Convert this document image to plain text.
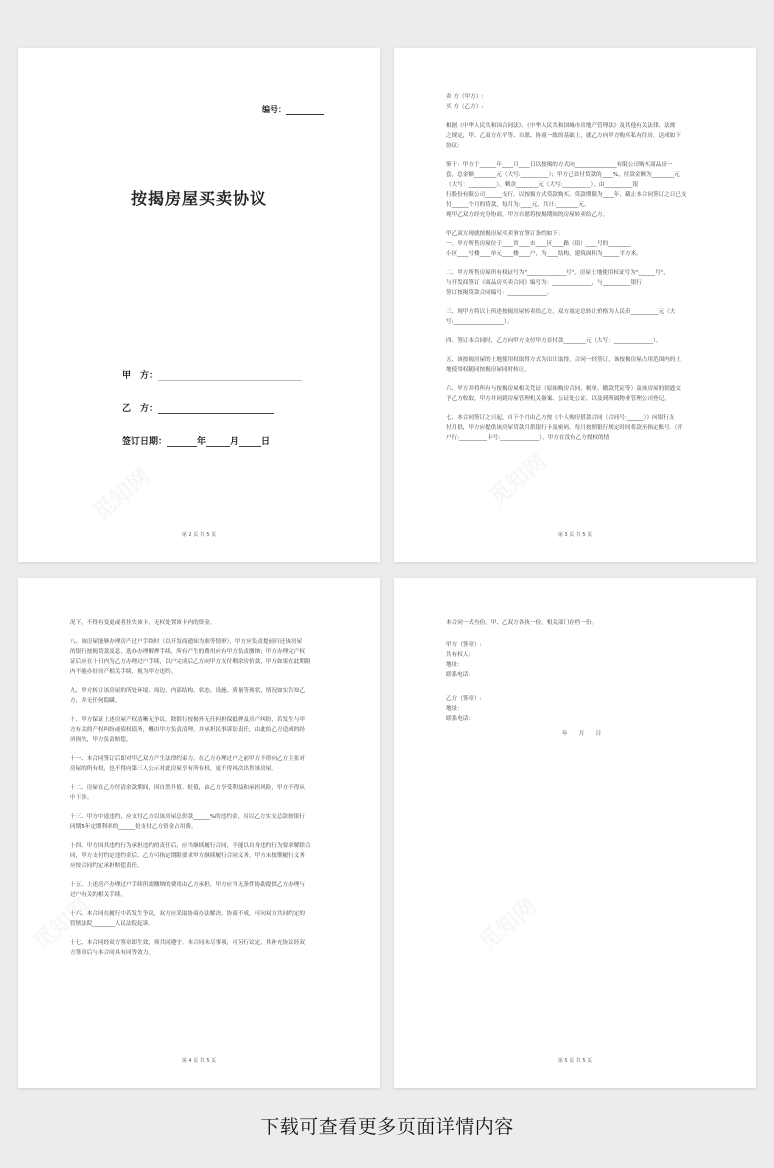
编号：
按揭房屋买卖协议
甲　方：
乙　方：
签订日期：	年	月 日
第 2 页 共 5 页
卖 方（甲方）:
买 方（乙方）:
根据《中华人民共和国合同法》、《中华人民共和国城市房地产管理法》及其他有关法律、法规
之规定，甲、乙双方在平等、自愿、协商一致的基础上，就乙方向甲方购买私有住房，达成如下
协议:
鉴于：甲方于______年____月____日以按揭的方式向_______________有限公司购买商品房一
套，总金额________元（大写:__________）；甲方已首付贷款的____%，付款金额为________元
（大写：__________），剩余________元（大写:__________），由__________银
行股份有限公司______支行，以按揭方式贷款购买，贷款期限为____年，截止本合同签订之日已支
付______个月的贷款，每月为:____元，共计:________元。
现甲乙双方经充分协商，甲方自愿将按揭期间的房屋转卖给乙方。
甲乙双方现就按揭房屋买卖事宜签订条约如下：
一、甲方所售房屋位于____省____市____区____路（街）____号的________
小区____号楼____单元____楼____户，为____结构，建筑面积为______平方米。
二、甲方所售房屋所有权证号为"______________号"，房屋土地使用权证号为"______号"，
与开发商签订《商品房买卖合同》编号为：______________，与__________银行
签订按揭贷款合同编号：______________。
三、现甲方将以上所述按揭房屋转卖给乙方，双方商定总转让价格为人民币__________元（大
写:__________________）。
四、签订本合同时，乙方向甲方支付甲方首付款________元（大写：______________）。
五、该按揭房屋的土地使用权取得方式为出让取得，合同一经签订，该按揭房屋占用范围内的土
地使用权随同按揭房屋同时转让。
六、甲方并将所有与按揭房屋相关凭证（原始购房合同、税单、缴款凭证等）及该房屋的钥匙交
予乙方收取，甲方并同到房屋管理机关备案、公证处公证，以及到所属物业管理公司登记。
七、本合同签订之日起，自下个月由乙方按《个人购房借款合同（合同号:______）》向银行支
付月供，甲方应提供该房屋贷款月供银行卡及密码，每月按照银行规定时间将款至指定账号.（开
户行:__________卡号:______________），甲方在没有乙方授权的情
第 3 页 共 5 页
况下，不得有变更或者挂失该卡，无权处置该卡内的资金。
八、该房屋能够办理房产过户手续时（以开发商通知为准等情形），甲方应负责提前归还该房屋
的银行按揭贷款及息，选办办理解押手续，所有产生的费用应有甲方负责缴纳；甲方办理完产权
证后应在十日内为乙方办理过户手续，以户完成后乙方向甲方支付剩余房价款，甲方如果在此期限
内不能办好房产相关手续，视为甲方违约。
九、甲方转让该房屋的所处环境、周边、内部结构、状态、设施、质量等现状，情况如实告知乙
方，并无任何隐瞒。
十、甲方保证上述房屋产权清晰无争议，除银行按揭外无任何担保抵押及房产纠纷，若发生与甲
方有关的产权纠纷或债权债务，概由甲方负责清理，并承担民事诉讼责任，由此给乙方造成的经
济损失，甲方负责赔偿。
十一、本合同签订后即对甲乙双方产生法律约束力，在乙方办理过户之前甲方不得向乙方主张对
房屋的所有权，也不得向第三人公示对此房屋享有所有权，更不得再次出售该房屋。
十二、房屋在乙方付清余款期间，因自然升值、贬值，由乙方享受利益和承担风险，甲方不得从
中干涉。
十三、甲方中途违约，应支付乙方以该房屋总价款______%的违约金，另以乙方实支总款按银行
同期5年定期利率的______倍支付乙方资金占用费。
十四、甲方因其违约行为承担违约的责任后，应当继续履行合同，不能以自身违约行为要求解除合
同，甲方支付约定违约金后，乙方可指定期限要求甲方继续履行合同义务，甲方未按期履行义务
应按合同约定承担赔偿责任。
十五、上述房产办理过户手续所需缴纳的费用由乙方承担，甲方应当无条件协助提供乙方办理与
过户有关的相关手续。
十六、本合同在履行中若发生争议，双方应采取协商办法解决。协商不成，可向双方共同约定的
管辖法院________人民法院起诉。
十七、本合同经双方签章即生效，须共同遵守。本合同未尽事项，可另行议定，其补充协议经双
方签章后与本合同具有同等效力。
第 4 页 共 5 页
本合同一式叁份，甲、乙双方各执一份，相关部门存档一份。
甲方（签章）:
共有权人：
地址：
联系电话：
乙方（签章）:
地址：
联系电话：
年　　月　　日
第 5 页 共 5 页
下载可查看更多页面详情内容
